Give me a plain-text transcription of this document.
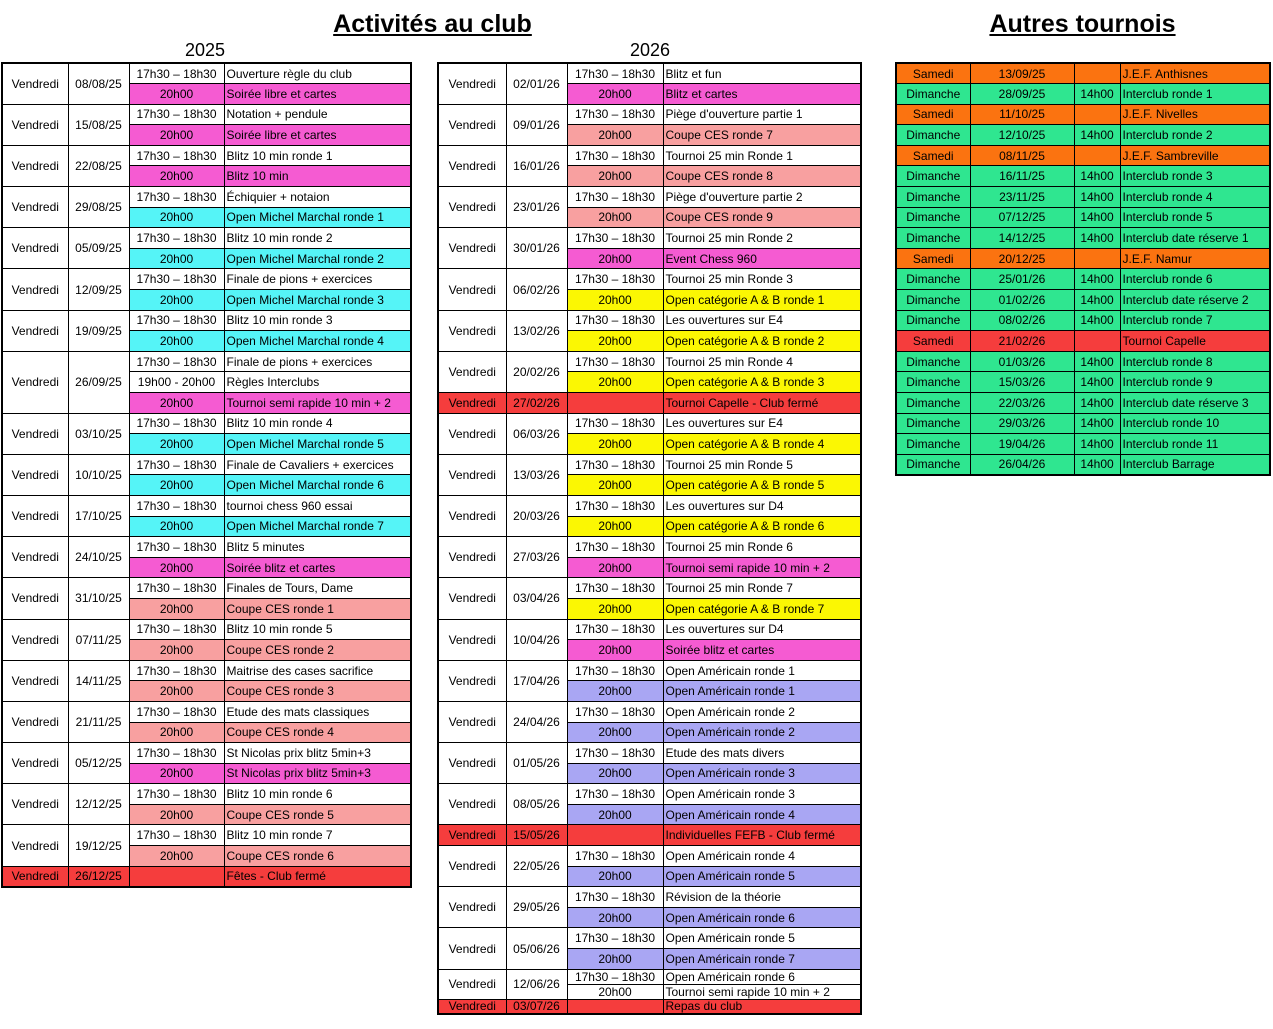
Activités au club	Autres tournois
2025	2026
Vendredi	08/08/25	17h30 – 18h30	Ouverture règle du club
		20h00	Soirée libre et cartes
Vendredi	15/08/25	17h30 – 18h30	Notation + pendule
		20h00	Soirée libre et cartes
Vendredi	22/08/25	17h30 – 18h30	Blitz 10 min ronde 1
		20h00	Blitz 10 min
Vendredi	29/08/25	17h30 – 18h30	Échiquier + notaion
		20h00	Open Michel Marchal ronde 1
Vendredi	05/09/25	17h30 – 18h30	Blitz 10 min ronde 2
		20h00	Open Michel Marchal ronde 2
Vendredi	12/09/25	17h30 – 18h30	Finale de pions + exercices
		20h00	Open Michel Marchal ronde 3
Vendredi	19/09/25	17h30 – 18h30	Blitz 10 min ronde 3
		20h00	Open Michel Marchal ronde 4
Vendredi	26/09/25	17h30 – 18h30	Finale de pions + exercices
		19h00 - 20h00	Règles Interclubs
		20h00	Tournoi semi rapide 10 min + 2
Vendredi	03/10/25	17h30 – 18h30	Blitz 10 min ronde 4
		20h00	Open Michel Marchal ronde 5
Vendredi	10/10/25	17h30 – 18h30	Finale de Cavaliers + exercices
		20h00	Open Michel Marchal ronde 6
Vendredi	17/10/25	17h30 – 18h30	tournoi chess 960 essai
		20h00	Open Michel Marchal ronde 7
Vendredi	24/10/25	17h30 – 18h30	Blitz 5 minutes
		20h00	Soirée blitz et cartes
Vendredi	31/10/25	17h30 – 18h30	Finales de Tours, Dame
		20h00	Coupe CES ronde 1
Vendredi	07/11/25	17h30 – 18h30	Blitz 10 min ronde 5
		20h00	Coupe CES ronde 2
Vendredi	14/11/25	17h30 – 18h30	Maitrise des cases sacrifice
		20h00	Coupe CES ronde 3
Vendredi	21/11/25	17h30 – 18h30	Etude des mats classiques
		20h00	Coupe CES ronde 4
Vendredi	05/12/25	17h30 – 18h30	St Nicolas prix blitz 5min+3
		20h00	St Nicolas prix blitz 5min+3
Vendredi	12/12/25	17h30 – 18h30	Blitz 10 min ronde 6
		20h00	Coupe CES ronde 5
Vendredi	19/12/25	17h30 – 18h30	Blitz 10 min ronde 7
		20h00	Coupe CES ronde 6
Vendredi	26/12/25		Fêtes - Club fermé
Vendredi	02/01/26	17h30 – 18h30	Blitz et fun
		20h00	Blitz et cartes
Vendredi	09/01/26	17h30 – 18h30	Piège d'ouverture partie 1
		20h00	Coupe CES ronde 7
Vendredi	16/01/26	17h30 – 18h30	Tournoi 25 min Ronde 1
		20h00	Coupe CES ronde 8
Vendredi	23/01/26	17h30 – 18h30	Piège d'ouverture partie 2
		20h00	Coupe CES ronde 9
Vendredi	30/01/26	17h30 – 18h30	Tournoi 25 min Ronde 2
		20h00	Event Chess 960
Vendredi	06/02/26	17h30 – 18h30	Tournoi 25 min Ronde 3
		20h00	Open catégorie A & B ronde 1
Vendredi	13/02/26	17h30 – 18h30	Les ouvertures sur E4
		20h00	Open catégorie A & B ronde 2
Vendredi	20/02/26	17h30 – 18h30	Tournoi 25 min Ronde 4
		20h00	Open catégorie A & B ronde 3
Vendredi	27/02/26		Tournoi Capelle - Club fermé
Vendredi	06/03/26	17h30 – 18h30	Les ouvertures sur E4
		20h00	Open catégorie A & B ronde 4
Vendredi	13/03/26	17h30 – 18h30	Tournoi 25 min Ronde 5
		20h00	Open catégorie A & B ronde 5
Vendredi	20/03/26	17h30 – 18h30	Les ouvertures sur D4
		20h00	Open catégorie A & B ronde 6
Vendredi	27/03/26	17h30 – 18h30	Tournoi 25 min Ronde 6
		20h00	Tournoi semi rapide 10 min + 2
Vendredi	03/04/26	17h30 – 18h30	Tournoi 25 min Ronde 7
		20h00	Open catégorie A & B ronde 7
Vendredi	10/04/26	17h30 – 18h30	Les ouvertures sur D4
		20h00	Soirée blitz et cartes
Vendredi	17/04/26	17h30 – 18h30	Open Américain ronde 1
		20h00	Open Américain ronde 1
Vendredi	24/04/26	17h30 – 18h30	Open Américain ronde 2
		20h00	Open Américain ronde 2
Vendredi	01/05/26	17h30 – 18h30	Etude des mats divers
		20h00	Open Américain ronde 3
Vendredi	08/05/26	17h30 – 18h30	Open Américain ronde 3
		20h00	Open Américain ronde 4
Vendredi	15/05/26		Individuelles FEFB - Club fermé
Vendredi	22/05/26	17h30 – 18h30	Open Américain ronde 4
		20h00	Open Américain ronde 5
Vendredi	29/05/26	17h30 – 18h30	Révision de la théorie
		20h00	Open Américain ronde 6
Vendredi	05/06/26	17h30 – 18h30	Open Américain ronde 5
		20h00	Open Américain ronde 7
Vendredi	12/06/26	17h30 – 18h30	Open Américain ronde 6
		20h00	Tournoi semi rapide 10 min + 2
Vendredi	03/07/26		Repas du club
Samedi	13/09/25		J.E.F. Anthisnes
Dimanche	28/09/25	14h00	Interclub ronde 1
Samedi	11/10/25		J.E.F. Nivelles
Dimanche	12/10/25	14h00	Interclub ronde 2
Samedi	08/11/25		J.E.F. Sambreville
Dimanche	16/11/25	14h00	Interclub ronde 3
Dimanche	23/11/25	14h00	Interclub ronde 4
Dimanche	07/12/25	14h00	Interclub ronde 5
Dimanche	14/12/25	14h00	Interclub date réserve 1
Samedi	20/12/25		J.E.F. Namur
Dimanche	25/01/26	14h00	Interclub ronde 6
Dimanche	01/02/26	14h00	Interclub date réserve 2
Dimanche	08/02/26	14h00	Interclub ronde 7
Samedi	21/02/26		Tournoi Capelle
Dimanche	01/03/26	14h00	Interclub ronde 8
Dimanche	15/03/26	14h00	Interclub ronde 9
Dimanche	22/03/26	14h00	Interclub date réserve 3
Dimanche	29/03/26	14h00	Interclub ronde 10
Dimanche	19/04/26	14h00	Interclub ronde 11
Dimanche	26/04/26	14h00	Interclub Barrage
